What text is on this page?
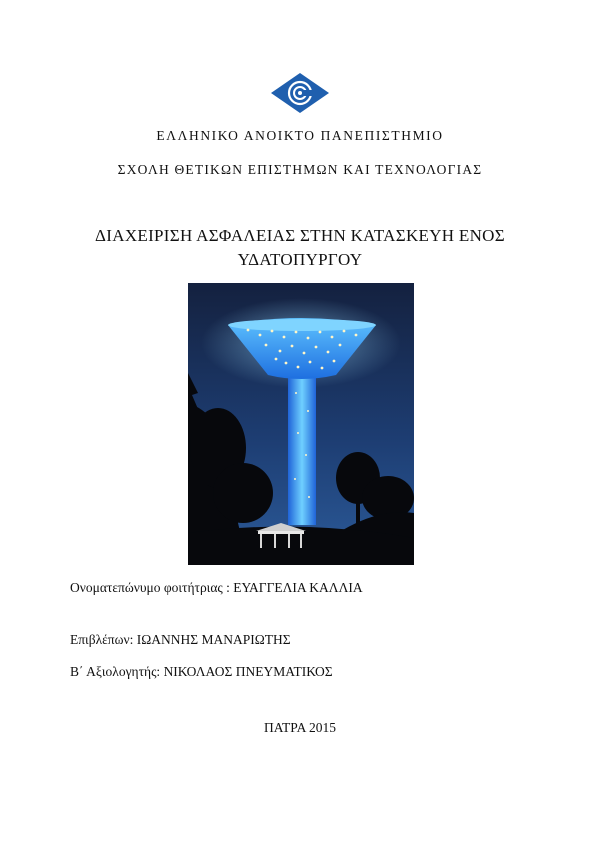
ΕΛΛΗΝΙΚΟ ΑΝΟΙΚΤΟ ΠΑΝΕΠΙΣΤΗΜΙΟ
ΣΧΟΛΗ ΘΕΤΙΚΩΝ ΕΠΙΣΤΗΜΩΝ ΚΑΙ ΤΕΧΝΟΛΟΓΙΑΣ
ΔΙΑΧΕΙΡΙΣΗ ΑΣΦΑΛΕΙΑΣ ΣΤΗΝ ΚΑΤΑΣΚΕΥΗ ΕΝΟΣ
ΥΔΑΤΟΠΥΡΓΟΥ
Ονοματεπώνυμο φοιτήτριας : ΕΥΑΓΓΕΛΙΑ ΚΑΛΛΙΑ
Επιβλέπων: ΙΩΑΝΝΗΣ ΜΑΝΑΡΙΩΤΗΣ
Β΄ Αξιολογητής: ΝΙΚΟΛΑΟΣ ΠΝΕΥΜΑΤΙΚΟΣ
ΠΑΤΡΑ 2015
